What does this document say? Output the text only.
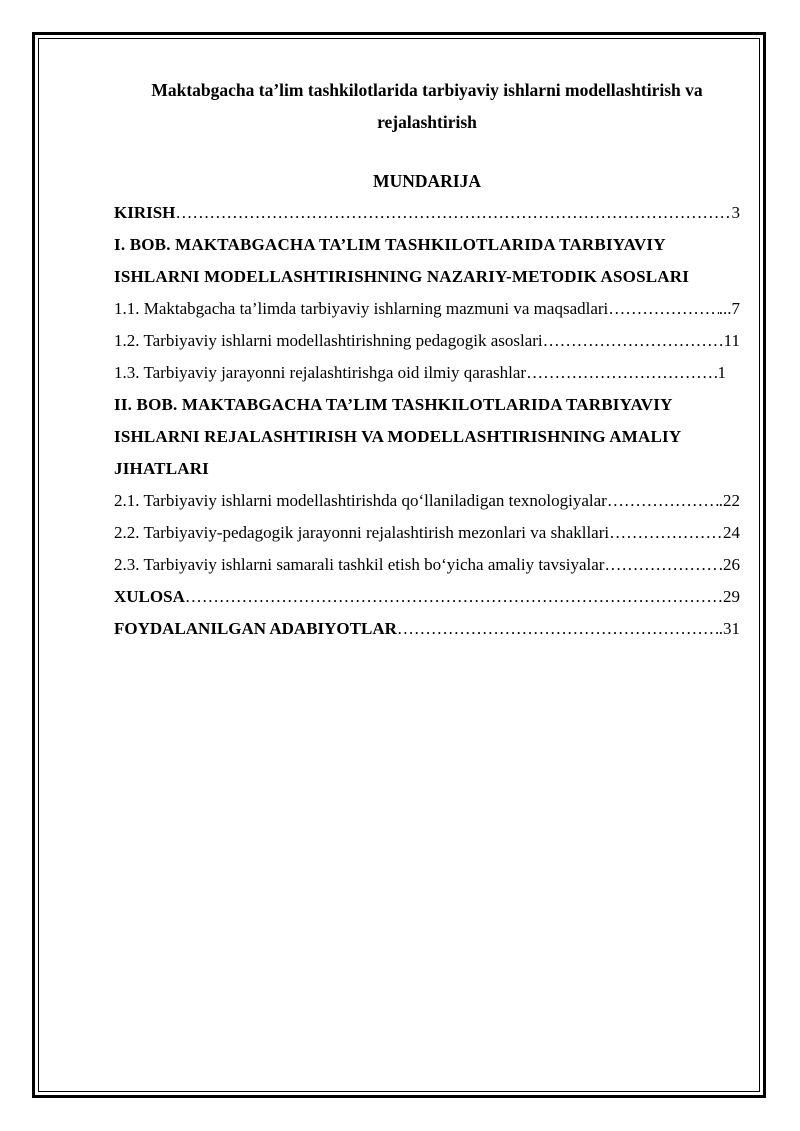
Maktabgacha ta’lim tashkilotlarida tarbiyaviy ishlarni modellashtirish va rejalashtirish
MUNDARIJA
KIRISH ……………………………………………………………………………………………………………………………………………………………………………………………	3

I. BOB. MAKTABGACHA TA’LIM TASHKILOTLARIDA TARBIYAVIY ISHLARNI MODELLASHTIRISHNING NAZARIY-METODIK ASOSLARI

1.1. Maktabgacha ta’limda tarbiyaviy ishlarning mazmuni va maqsadlari ……………………………………………………………………………………………………………………………………………………………………………………………	...7
1.2. Tarbiyaviy ishlarni modellashtirishning pedagogik asoslari ……………………………………………………………………………………………………………………………………………………………………………………………	11
1.3. Tarbiyaviy jarayonni rejalashtirishga oid ilmiy qarashlar ……………………………………………………………………………………………………………………………………………………………………………………………	1

II. BOB. MAKTABGACHA TA’LIM TASHKILOTLARIDA TARBIYAVIY ISHLARNI REJALASHTIRISH VA MODELLASHTIRISHNING AMALIY JIHATLARI

2.1. Tarbiyaviy ishlarni modellashtirishda qo‘llaniladigan texnologiyalar ……………………………………………………………………………………………………………………………………………………………………………………………	.22
2.2. Tarbiyaviy-pedagogik jarayonni rejalashtirish mezonlari va shakllari ……………………………………………………………………………………………………………………………………………………………………………………………	24
2.3. Tarbiyaviy ishlarni samarali tashkil etish bo‘yicha amaliy tavsiyalar ……………………………………………………………………………………………………………………………………………………………………………………………	.26
XULOSA ……………………………………………………………………………………………………………………………………………………………………………………………	29
FOYDALANILGAN ADABIYOTLAR ……………………………………………………………………………………………………………………………………………………………………………………………	.31
